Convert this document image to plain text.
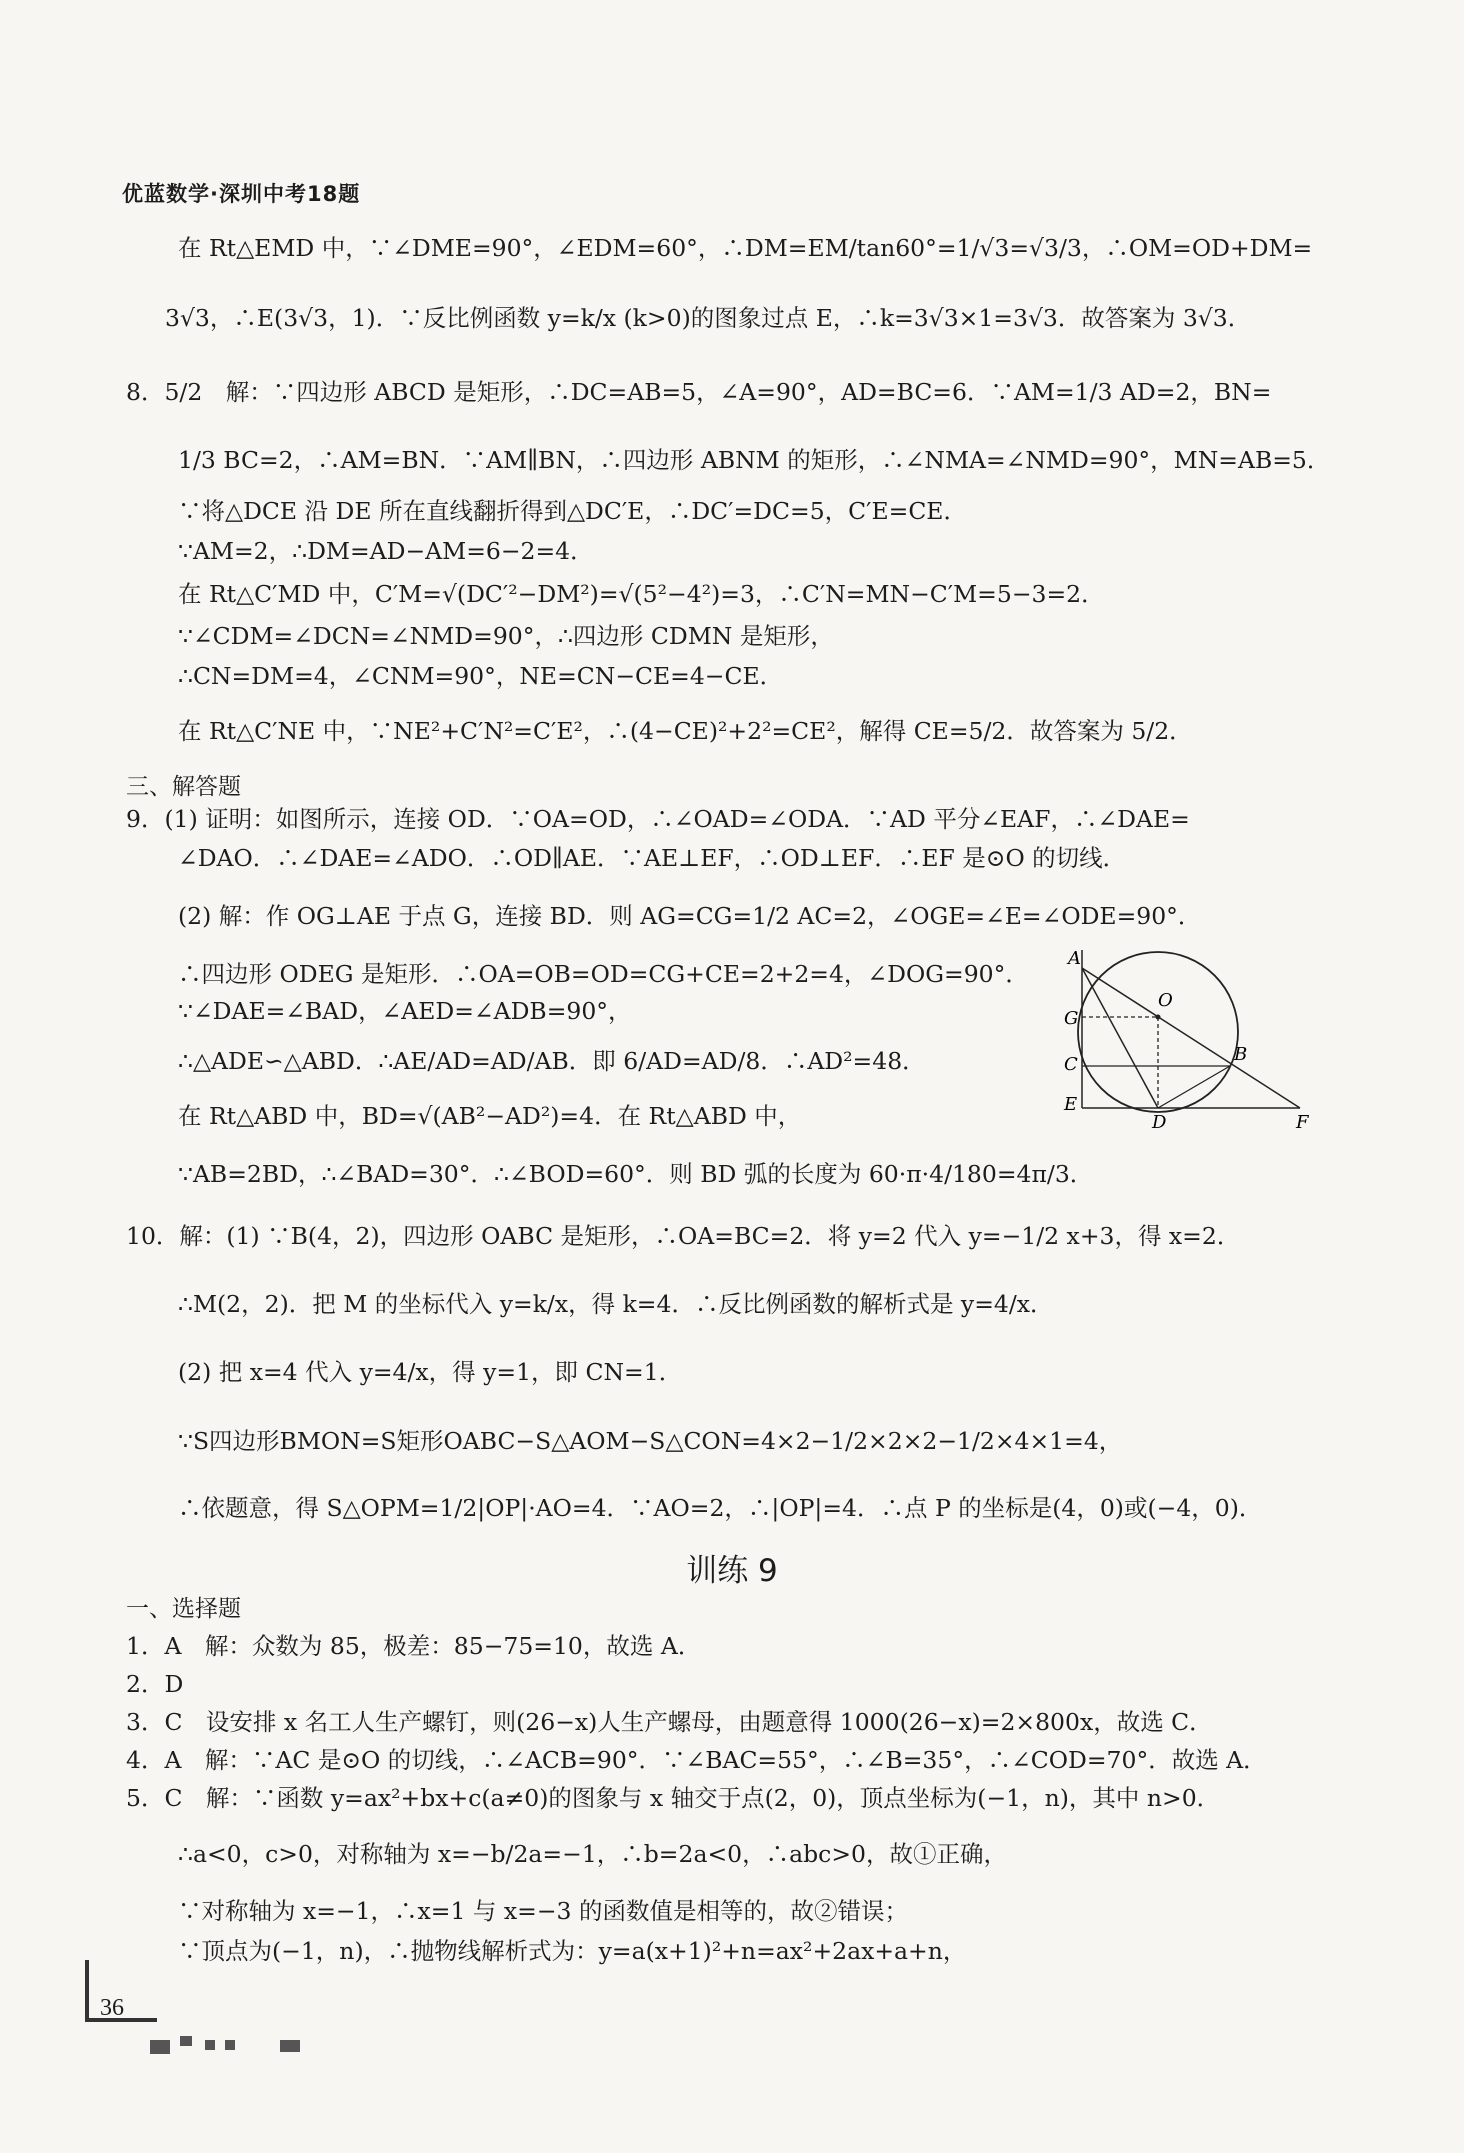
优蓝数学·深圳中考18题
在 Rt△EMD 中，∵∠DME=90°，∠EDM=60°，∴DM=EM/tan60°=1/√3=√3/3，∴OM=OD+DM=
3√3，∴E(3√3，1)．∵反比例函数 y=k/x (k>0)的图象过点 E，∴k=3√3×1=3√3．故答案为 3√3．
8．5/2　解：∵四边形 ABCD 是矩形，∴DC=AB=5，∠A=90°，AD=BC=6．∵AM=1/3 AD=2，BN=
1/3 BC=2，∴AM=BN．∵AM∥BN，∴四边形 ABNM 的矩形，∴∠NMA=∠NMD=90°，MN=AB=5．
∵将△DCE 沿 DE 所在直线翻折得到△DC′E，∴DC′=DC=5，C′E=CE．
∵AM=2，∴DM=AD−AM=6−2=4．
在 Rt△C′MD 中，C′M=√(DC′²−DM²)=√(5²−4²)=3，∴C′N=MN−C′M=5−3=2．
∵∠CDM=∠DCN=∠NMD=90°，∴四边形 CDMN 是矩形，
∴CN=DM=4，∠CNM=90°，NE=CN−CE=4−CE．
在 Rt△C′NE 中，∵NE²+C′N²=C′E²，∴(4−CE)²+2²=CE²，解得 CE=5/2．故答案为 5/2．
三、解答题
9．(1) 证明：如图所示，连接 OD．∵OA=OD，∴∠OAD=∠ODA．∵AD 平分∠EAF，∴∠DAE=
∠DAO．∴∠DAE=∠ADO．∴OD∥AE．∵AE⊥EF，∴OD⊥EF．∴EF 是⊙O 的切线．
(2) 解：作 OG⊥AE 于点 G，连接 BD．则 AG=CG=1/2 AC=2，∠OGE=∠E=∠ODE=90°．
∴四边形 ODEG 是矩形．∴OA=OB=OD=CG+CE=2+2=4，∠DOG=90°．
∵∠DAE=∠BAD，∠AED=∠ADB=90°，
∴△ADE∽△ABD．∴AE/AD=AD/AB．即 6/AD=AD/8．∴AD²=48．
在 Rt△ABD 中，BD=√(AB²−AD²)=4．在 Rt△ABD 中，
∵AB=2BD，∴∠BAD=30°．∴∠BOD=60°．则 BD 弧的长度为 60·π·4/180=4π/3．
A
G
C
E
O
B
D	F
10．解：(1) ∵B(4，2)，四边形 OABC 是矩形，∴OA=BC=2．将 y=2 代入 y=−1/2 x+3，得 x=2．
∴M(2，2)．把 M 的坐标代入 y=k/x，得 k=4．∴反比例函数的解析式是 y=4/x．
(2) 把 x=4 代入 y=4/x，得 y=1，即 CN=1．
∵S四边形BMON=S矩形OABC−S△AOM−S△CON=4×2−1/2×2×2−1/2×4×1=4，
∴依题意，得 S△OPM=1/2|OP|·AO=4．∵AO=2，∴|OP|=4．∴点 P 的坐标是(4，0)或(−4，0)．
训练 9
一、选择题
1．A　解：众数为 85，极差：85−75=10，故选 A．
2．D
3．C　设安排 x 名工人生产螺钉，则(26−x)人生产螺母，由题意得 1000(26−x)=2×800x，故选 C．
4．A　解：∵AC 是⊙O 的切线，∴∠ACB=90°．∵∠BAC=55°，∴∠B=35°，∴∠COD=70°．故选 A．
5．C　解：∵函数 y=ax²+bx+c(a≠0)的图象与 x 轴交于点(2，0)，顶点坐标为(−1，n)，其中 n>0．
∴a<0，c>0，对称轴为 x=−b/2a=−1，∴b=2a<0，∴abc>0，故①正确，
∵对称轴为 x=−1，∴x=1 与 x=−3 的函数值是相等的，故②错误；
∵顶点为(−1，n)，∴抛物线解析式为：y=a(x+1)²+n=ax²+2ax+a+n，
36
